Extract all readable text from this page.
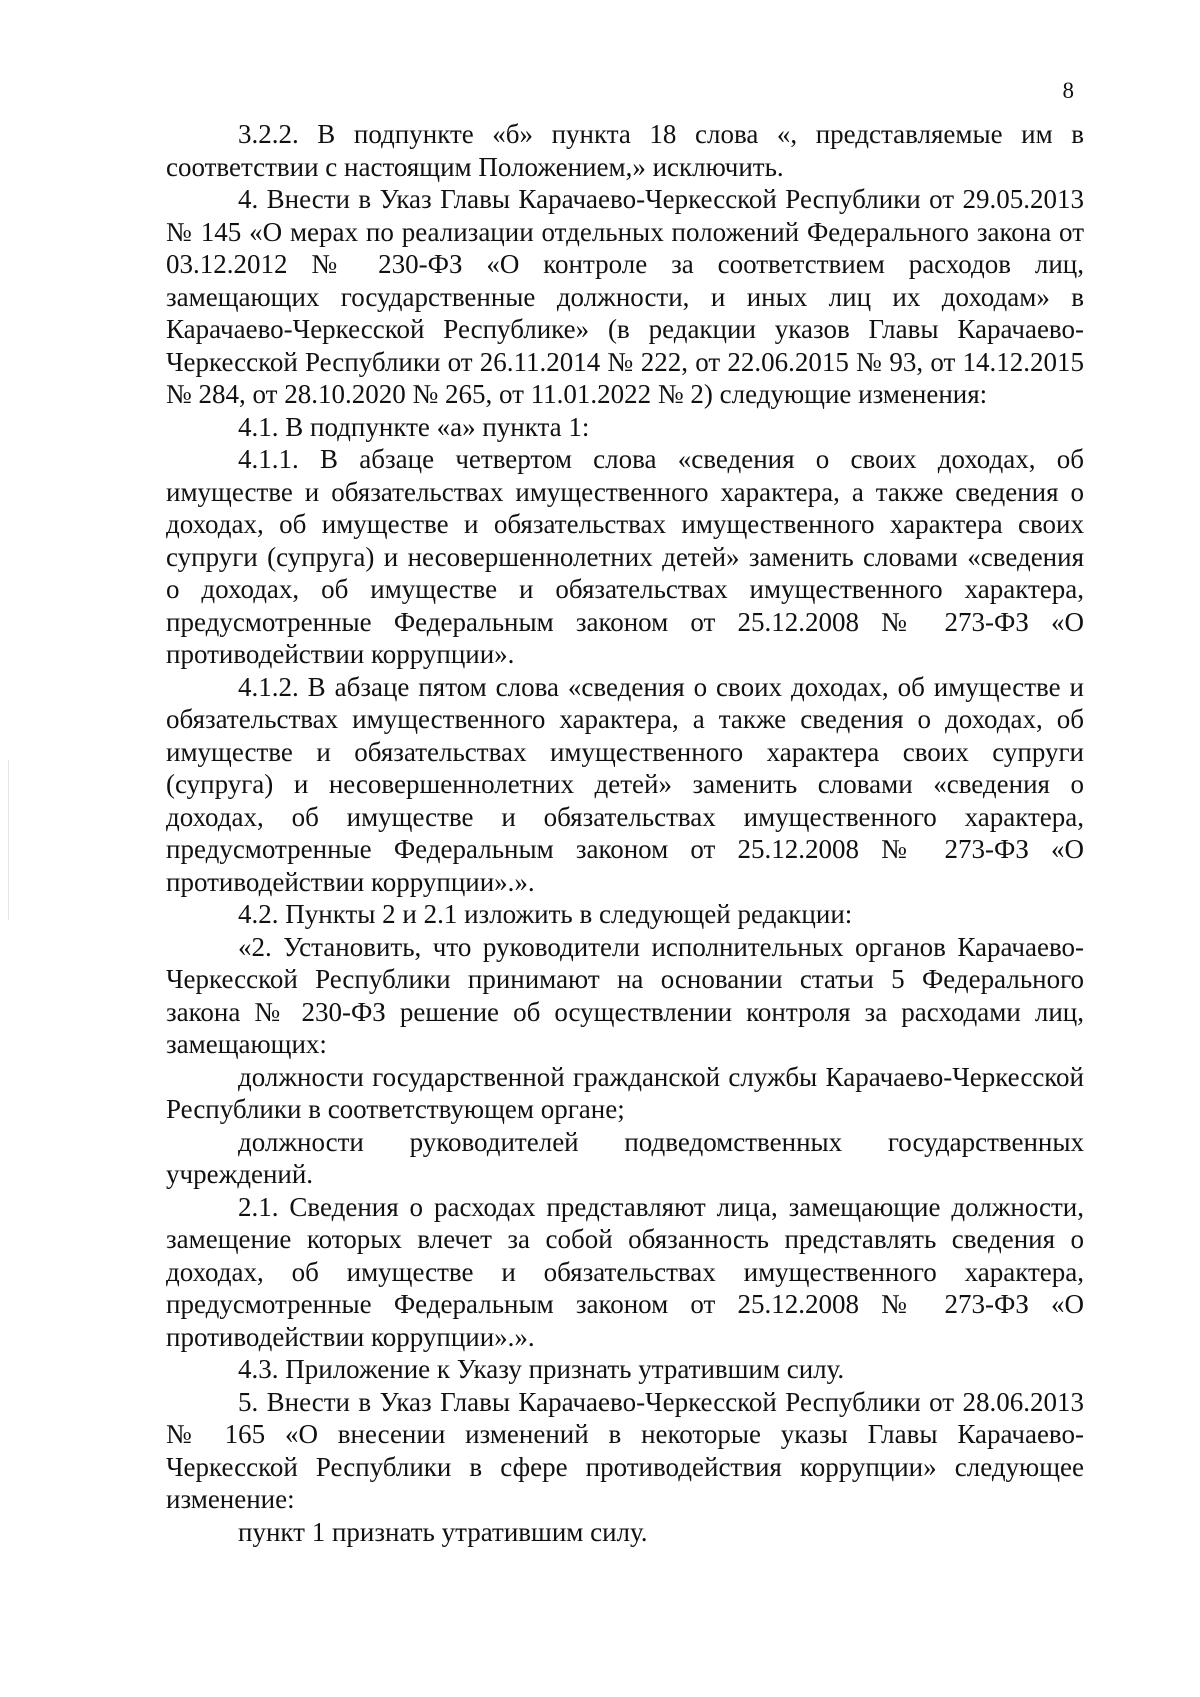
8

3.2.2. В подпункте «б» пункта 18 слова «, представляемые им в соответствии с настоящим Положением,» исключить.

4. Внести в Указ Главы Карачаево-Черкесской Республики от 29.05.2013 № 145 «О мерах по реализации отдельных положений Федерального закона от 03.12.2012 № 230-ФЗ «О контроле за соответствием расходов лиц, замещающих государственные должности, и иных лиц их доходам» в Карачаево-Черкесской Республике» (в редакции указов Главы Карачаево-Черкесской Республики от 26.11.2014 № 222, от 22.06.2015 № 93, от 14.12.2015 № 284, от 28.10.2020 № 265, от 11.01.2022 № 2) следующие изменения:

4.1. В подпункте «а» пункта 1:

4.1.1. В абзаце четвертом слова «сведения о своих доходах, об имуществе и обязательствах имущественного характера, а также сведения о доходах, об имуществе и обязательствах имущественного характера своих супруги (супруга) и несовершеннолетних детей» заменить словами «сведения о доходах, об имуществе и обязательствах имущественного характера, предусмотренные Федеральным законом от 25.12.2008 № 273-ФЗ «О противодействии коррупции».

4.1.2. В абзаце пятом слова «сведения о своих доходах, об имуществе и обязательствах имущественного характера, а также сведения о доходах, об имуществе и обязательствах имущественного характера своих супруги (супруга) и несовершеннолетних детей» заменить словами «сведения о доходах, об имуществе и обязательствах имущественного характера, предусмотренные Федеральным законом от 25.12.2008 № 273-ФЗ «О противодействии коррупции».».

4.2. Пункты 2 и 2.1 изложить в следующей редакции:

«2. Установить, что руководители исполнительных органов Карачаево-Черкесской Республики принимают на основании статьи 5 Федерального закона № 230-ФЗ решение об осуществлении контроля за расходами лиц, замещающих:

должности государственной гражданской службы Карачаево-Черкесской Республики в соответствующем органе;

должности руководителей подведомственных государственных учреждений.

2.1. Сведения о расходах представляют лица, замещающие должности, замещение которых влечет за собой обязанность представлять сведения о доходах, об имуществе и обязательствах имущественного характера, предусмотренные Федеральным законом от 25.12.2008 № 273-ФЗ «О противодействии коррупции».».

4.3. Приложение к Указу признать утратившим силу.

5. Внести в Указ Главы Карачаево-Черкесской Республики от 28.06.2013 № 165 «О внесении изменений в некоторые указы Главы Карачаево-Черкесской Республики в сфере противодействия коррупции» следующее изменение:

пункт 1 признать утратившим силу.
